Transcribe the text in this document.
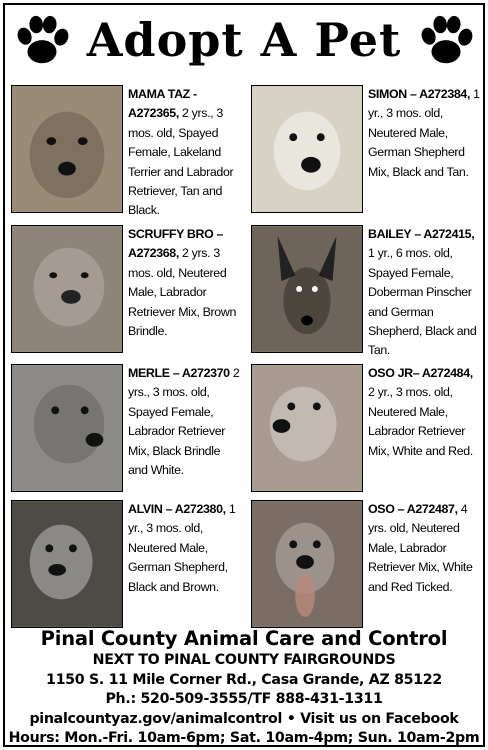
Adopt A Pet
MAMA TAZ - A272365, 2 yrs., 3 mos. old, Spayed Female, Lakeland Terrier and Labrador Retriever, Tan and Black.
SIMON – A272384, 1 yr., 3 mos. old, Neutered Male, German Shepherd Mix, Black and Tan.
SCRUFFY BRO – A272368, 2 yrs. 3 mos. old, Neutered Male, Labrador Retriever Mix, Brown Brindle.
BAILEY – A272415, 1 yr., 6 mos. old, Spayed Female, Doberman Pinscher and German Shepherd, Black and Tan.
MERLE – A272370 2 yrs., 3 mos. old, Spayed Female, Labrador Retriever Mix, Black Brindle and White.
OSO JR– A272484, 2 yr., 3 mos. old, Neutered Male, Labrador Retriever Mix, White and Red.
ALVIN – A272380, 1 yr., 3 mos. old, Neutered Male, German Shepherd, Black and Brown.
OSO – A272487, 4 yrs. old, Neutered Male, Labrador Retriever Mix, White and Red Ticked.
Pinal County Animal Care and Control
NEXT TO PINAL COUNTY FAIRGROUNDS
1150 S. 11 Mile Corner Rd., Casa Grande, AZ 85122
Ph.: 520-509-3555/TF 888-431-1311
pinalcountyaz.gov/animalcontrol • Visit us on Facebook
Hours: Mon.-Fri. 10am-6pm; Sat. 10am-4pm; Sun. 10am-2pm
